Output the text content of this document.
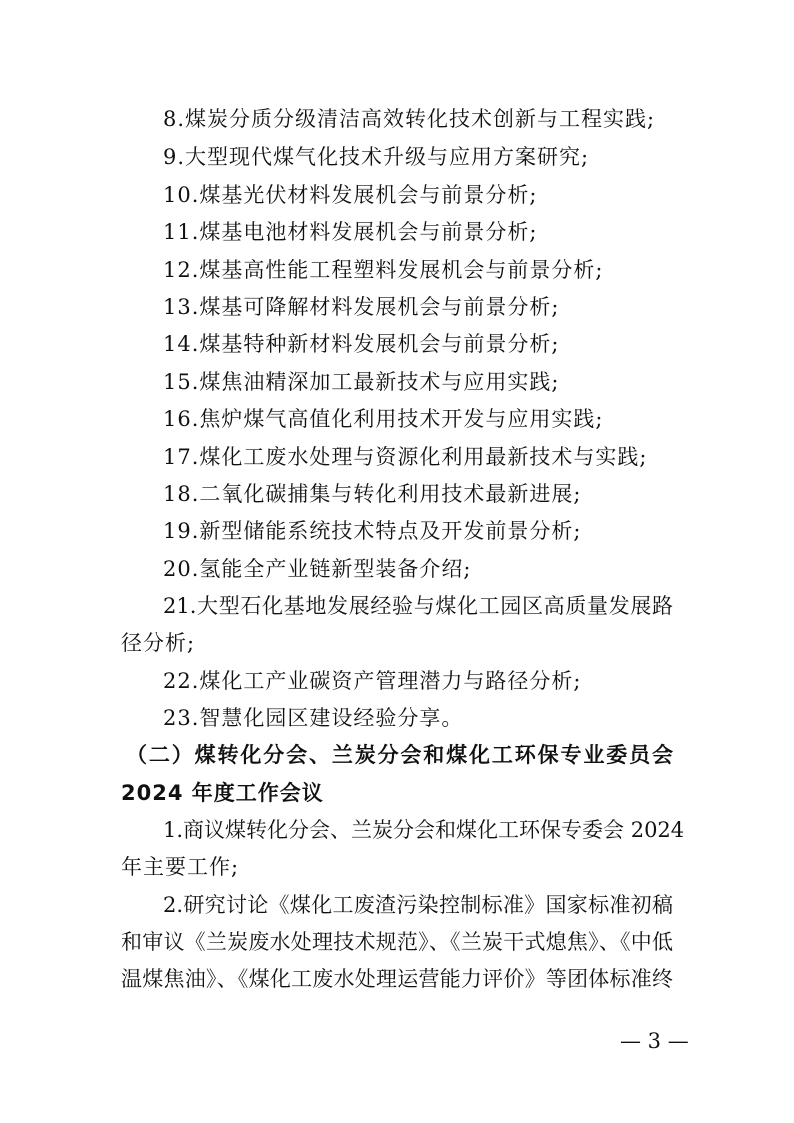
8.煤炭分质分级清洁高效转化技术创新与工程实践;
9.大型现代煤气化技术升级与应用方案研究;
10.煤基光伏材料发展机会与前景分析;
11.煤基电池材料发展机会与前景分析;
12.煤基高性能工程塑料发展机会与前景分析;
13.煤基可降解材料发展机会与前景分析;
14.煤基特种新材料发展机会与前景分析;
15.煤焦油精深加工最新技术与应用实践;
16.焦炉煤气高值化利用技术开发与应用实践;
17.煤化工废水处理与资源化利用最新技术与实践;
18.二氧化碳捕集与转化利用技术最新进展;
19.新型储能系统技术特点及开发前景分析;
20.氢能全产业链新型装备介绍;
21.大型石化基地发展经验与煤化工园区高质量发展路
径分析;
22.煤化工产业碳资产管理潜力与路径分析;
23.智慧化园区建设经验分享。
（二）煤转化分会、兰炭分会和煤化工环保专业委员会
2024 年度工作会议
1.商议煤转化分会、兰炭分会和煤化工环保专委会 2024
年主要工作;
2.研究讨论《煤化工废渣污染控制标准》国家标准初稿
和审议《兰炭废水处理技术规范》、《兰炭干式熄焦》、《中低
温煤焦油》、《煤化工废水处理运营能力评价》等团体标准终
— 3 —
